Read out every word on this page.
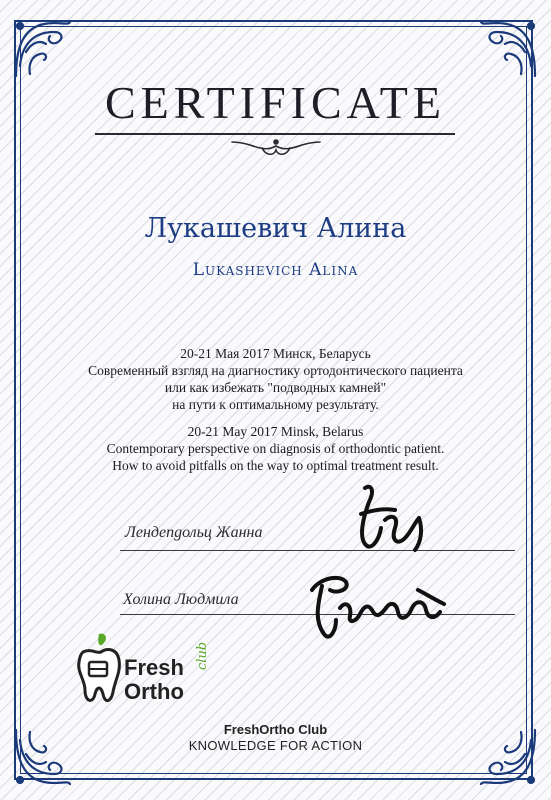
CERTIFICATE
Лукашевич Алина
Lukashevich Alina
20-21 Мая 2017 Минск, Беларусь
Современный взгляд на диагностику ортодонтического пациента
или как избежать "подводных камней"
на пути к оптимальному результату.
20-21 May 2017 Minsk, Belarus
Contemporary perspective on diagnosis of orthodontic patient.
How to avoid pitfalls on the way to optimal treatment result.
Лендengольц Жанна
Холина Людмила
Fresh
Ortho
club
FreshOrtho Club
KNOWLEDGE FOR ACTION
